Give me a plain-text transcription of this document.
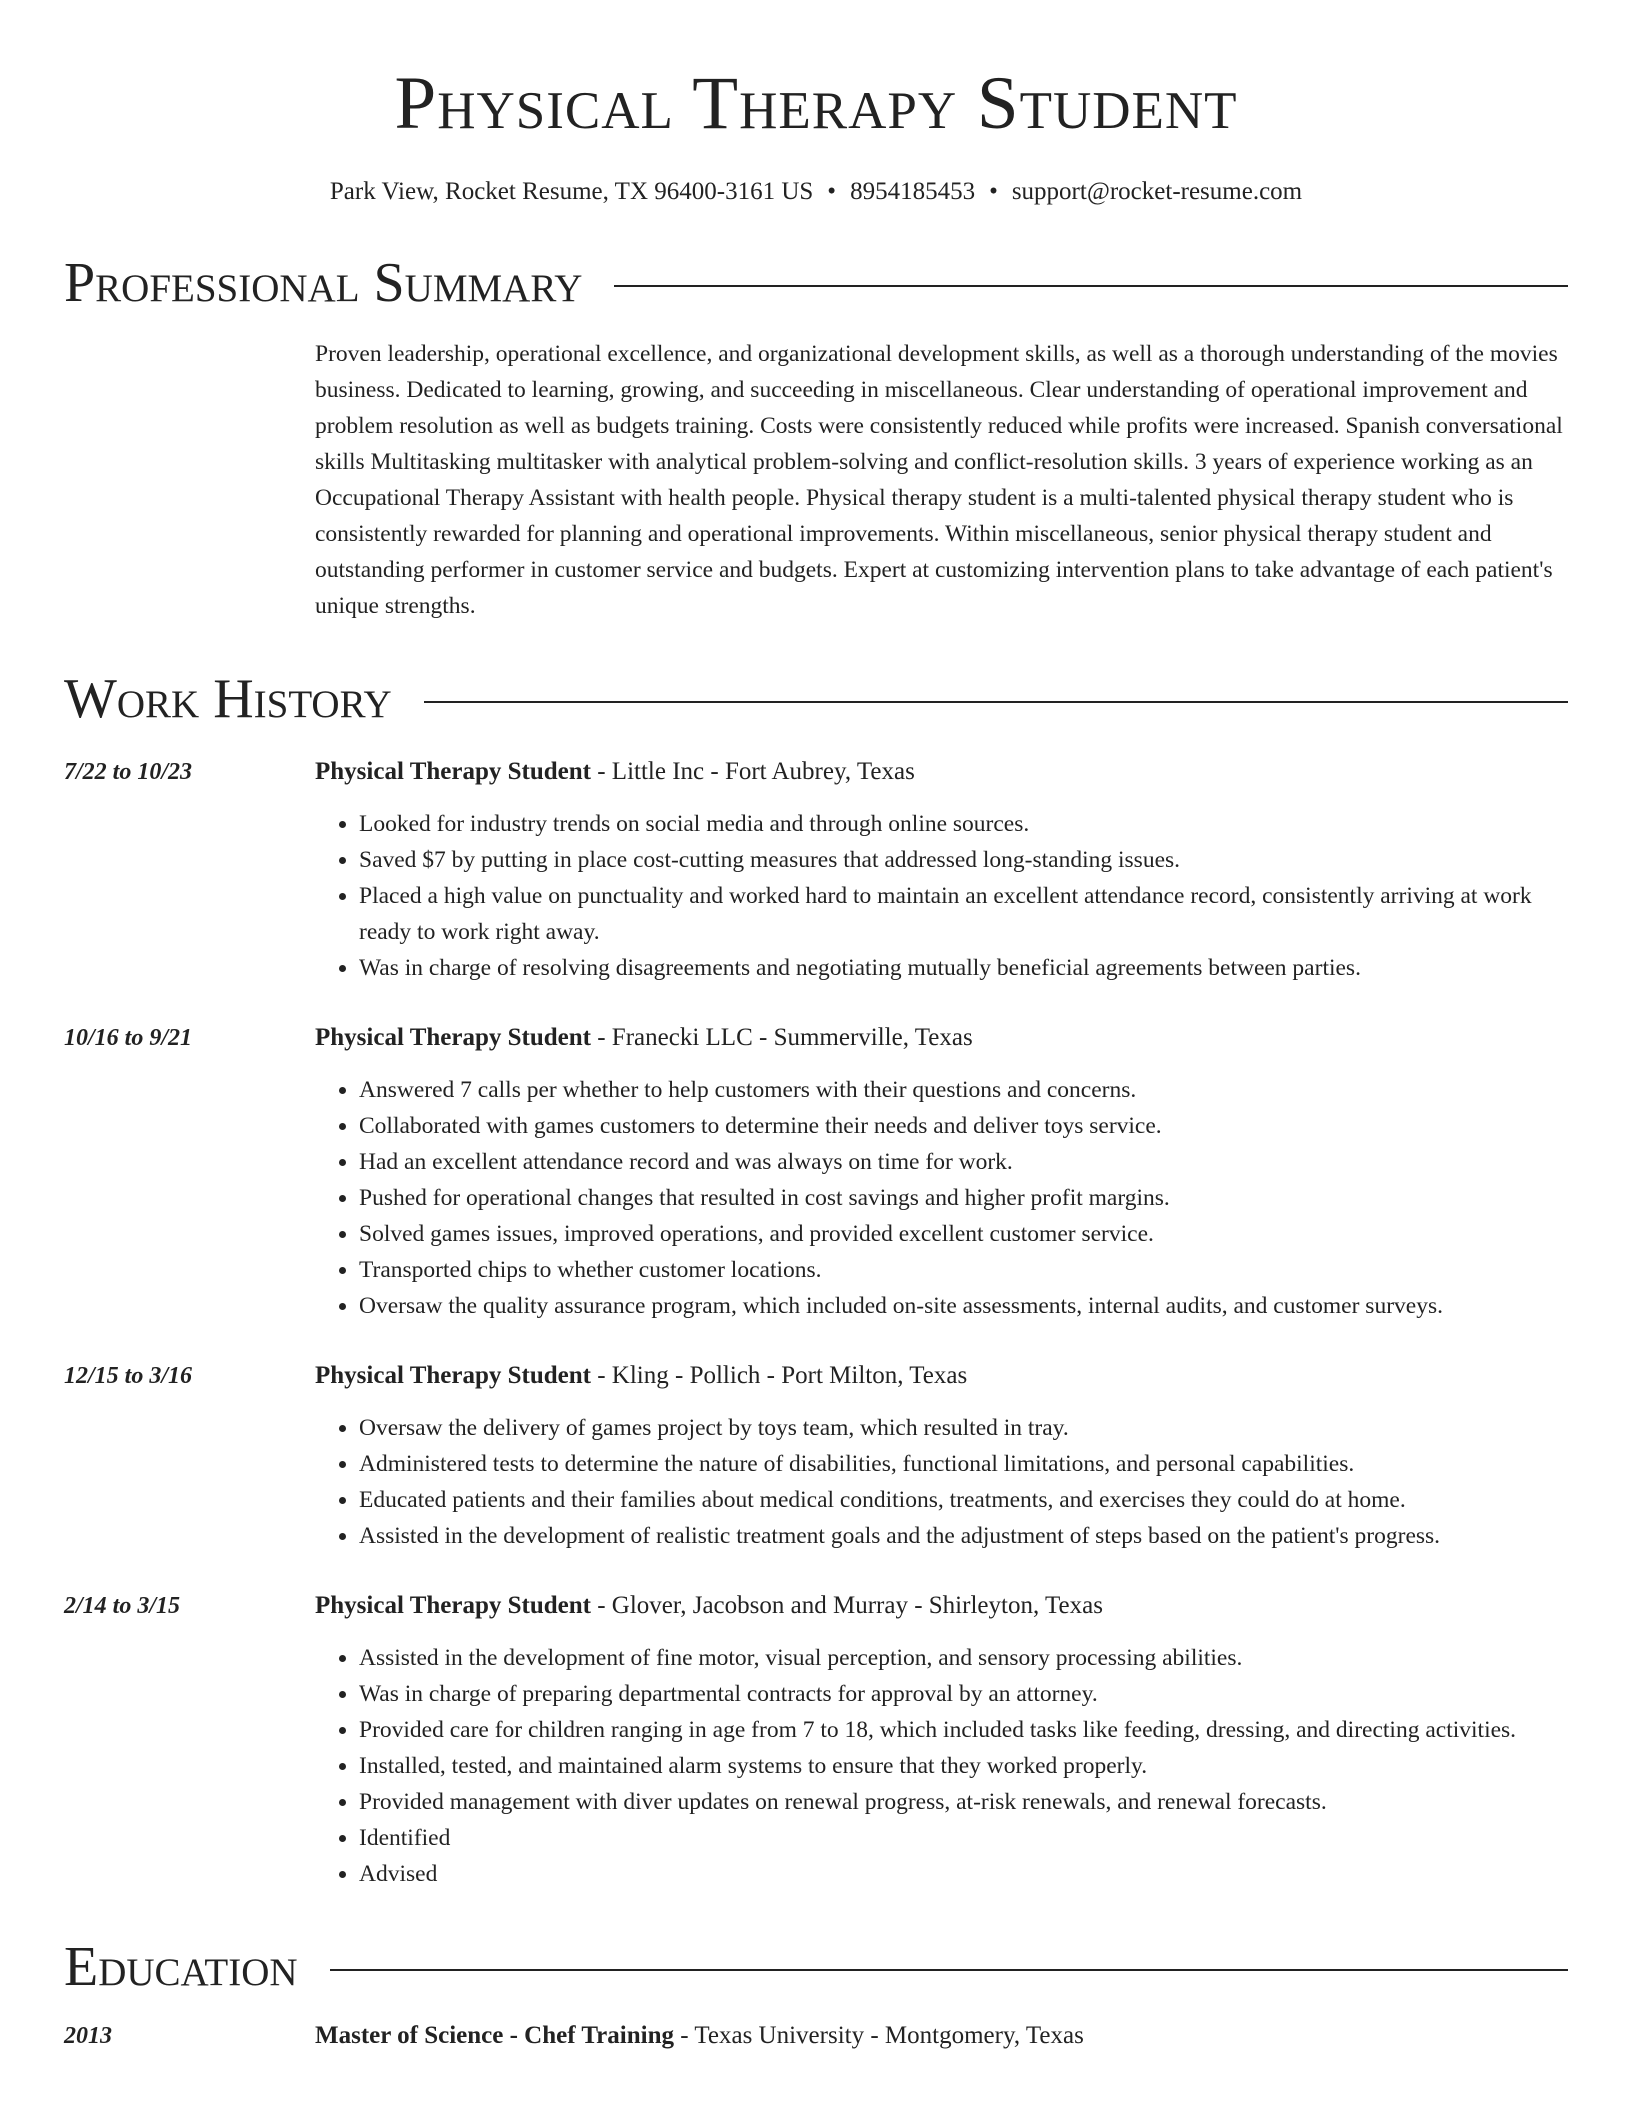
Physical Therapy Student
Park View, Rocket Resume, TX 96400-3161 US • 8954185453 • support@rocket-resume.com
Professional Summary
Proven leadership, operational excellence, and organizational development skills, as well as a thorough understanding of the movies business. Dedicated to learning, growing, and succeeding in miscellaneous. Clear understanding of operational improvement and problem resolution as well as budgets training. Costs were consistently reduced while profits were increased. Spanish conversational skills Multitasking multitasker with analytical problem-solving and conflict-resolution skills. 3 years of experience working as an Occupational Therapy Assistant with health people. Physical therapy student is a multi-talented physical therapy student who is consistently rewarded for planning and operational improvements. Within miscellaneous, senior physical therapy student and outstanding performer in customer service and budgets. Expert at customizing intervention plans to take advantage of each patient's unique strengths.
Work History
7/22 to 10/23	Physical Therapy Student - Little Inc - Fort Aubrey, Texas
• Looked for industry trends on social media and through online sources.
• Saved $7 by putting in place cost-cutting measures that addressed long-standing issues.
• Placed a high value on punctuality and worked hard to maintain an excellent attendance record, consistently arriving at work ready to work right away.
• Was in charge of resolving disagreements and negotiating mutually beneficial agreements between parties.
10/16 to 9/21	Physical Therapy Student - Franecki LLC - Summerville, Texas
• Answered 7 calls per whether to help customers with their questions and concerns.
• Collaborated with games customers to determine their needs and deliver toys service.
• Had an excellent attendance record and was always on time for work.
• Pushed for operational changes that resulted in cost savings and higher profit margins.
• Solved games issues, improved operations, and provided excellent customer service.
• Transported chips to whether customer locations.
• Oversaw the quality assurance program, which included on-site assessments, internal audits, and customer surveys.
12/15 to 3/16	Physical Therapy Student - Kling - Pollich - Port Milton, Texas
• Oversaw the delivery of games project by toys team, which resulted in tray.
• Administered tests to determine the nature of disabilities, functional limitations, and personal capabilities.
• Educated patients and their families about medical conditions, treatments, and exercises they could do at home.
• Assisted in the development of realistic treatment goals and the adjustment of steps based on the patient's progress.
2/14 to 3/15	Physical Therapy Student - Glover, Jacobson and Murray - Shirleyton, Texas
• Assisted in the development of fine motor, visual perception, and sensory processing abilities.
• Was in charge of preparing departmental contracts for approval by an attorney.
• Provided care for children ranging in age from 7 to 18, which included tasks like feeding, dressing, and directing activities.
• Installed, tested, and maintained alarm systems to ensure that they worked properly.
• Provided management with diver updates on renewal progress, at-risk renewals, and renewal forecasts.
• Identified
• Advised
Education
2013	Master of Science - Chef Training - Texas University - Montgomery, Texas
